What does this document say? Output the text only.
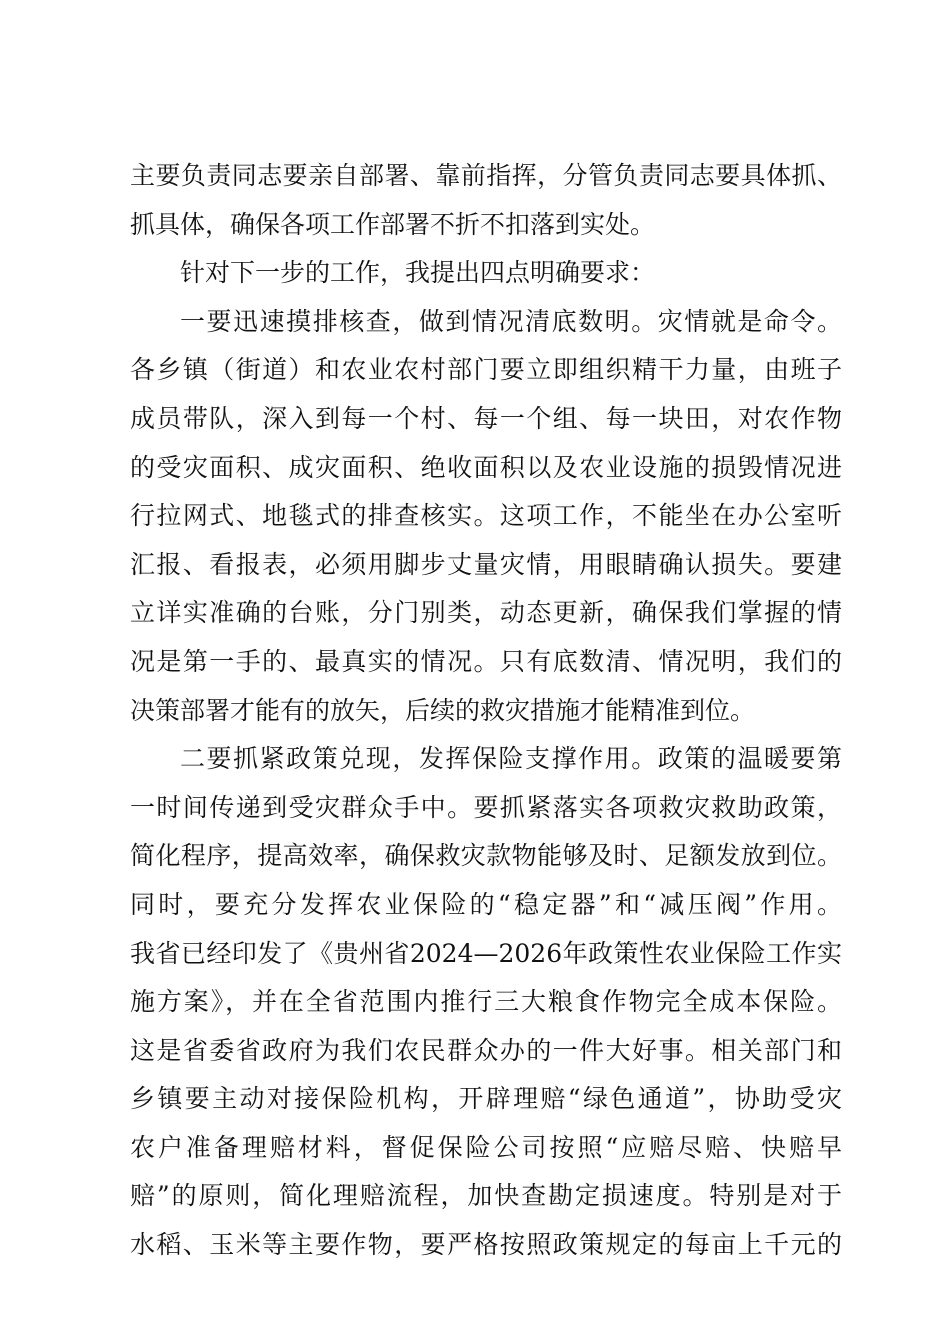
主要负责同志要亲自部署、靠前指挥，分管负责同志要具体抓、
抓具体，确保各项工作部署不折不扣落到实处。
针对下一步的工作，我提出四点明确要求：
一要迅速摸排核查，做到情况清底数明。灾情就是命令。
各乡镇（街道）和农业农村部门要立即组织精干力量，由班子
成员带队，深入到每一个村、每一个组、每一块田，对农作物
的受灾面积、成灾面积、绝收面积以及农业设施的损毁情况进
行拉网式、地毯式的排查核实。这项工作，不能坐在办公室听
汇报、看报表，必须用脚步丈量灾情，用眼睛确认损失。要建
立详实准确的台账，分门别类，动态更新，确保我们掌握的情
况是第一手的、最真实的情况。只有底数清、情况明，我们的
决策部署才能有的放矢，后续的救灾措施才能精准到位。
二要抓紧政策兑现，发挥保险支撑作用。政策的温暖要第
一时间传递到受灾群众手中。要抓紧落实各项救灾救助政策，
简化程序，提高效率，确保救灾款物能够及时、足额发放到位。
同时，要充分发挥农业保险的“稳定器”和“减压阀”作用。
我省已经印发了《贵州省2024—2026年政策性农业保险工作实
施方案》，并在全省范围内推行三大粮食作物完全成本保险。
这是省委省政府为我们农民群众办的一件大好事。相关部门和
乡镇要主动对接保险机构，开辟理赔“绿色通道”，协助受灾
农户准备理赔材料，督促保险公司按照“应赔尽赔、快赔早
赔”的原则，简化理赔流程，加快查勘定损速度。特别是对于
水稻、玉米等主要作物，要严格按照政策规定的每亩上千元的
